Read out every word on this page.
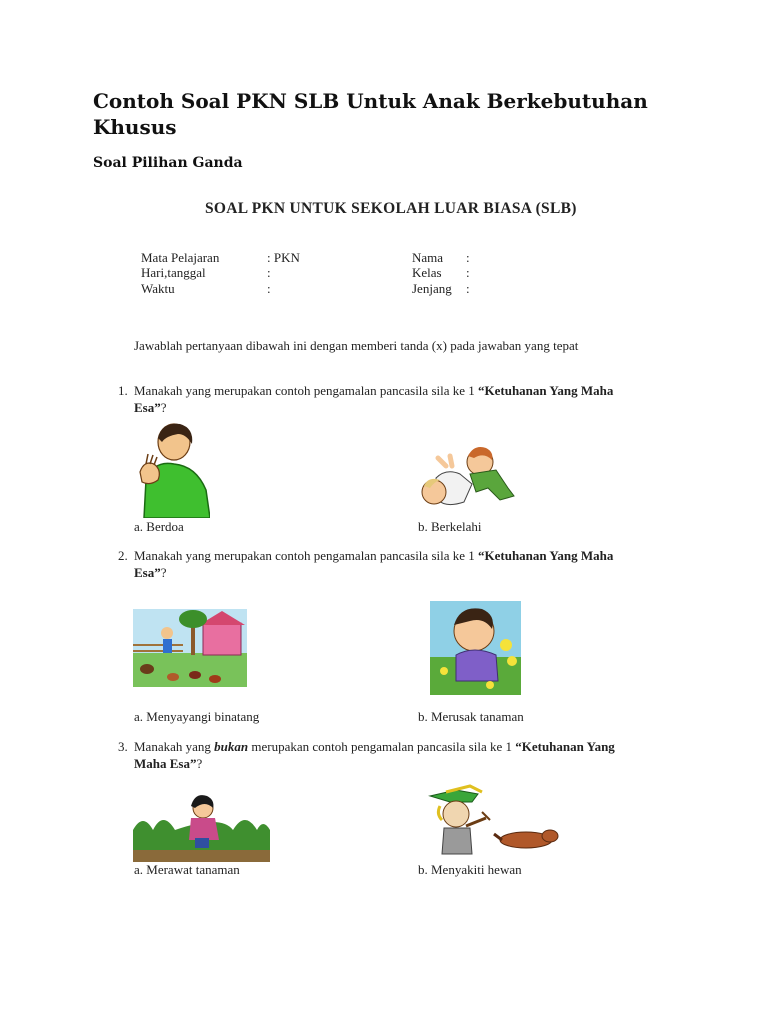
Contoh Soal PKN SLB Untuk Anak Berkebutuhan Khusus
Soal Pilihan Ganda
SOAL PKN UNTUK SEKOLAH LUAR BIASA (SLB)
Mata Pelajaran	: PKN
Hari,tanggal	:
Waktu	:
Nama :
Kelas :
Jenjang :
Jawablah pertanyaan dibawah ini dengan memberi tanda (x) pada jawaban yang tepat
1. Manakah yang merupakan contoh pengamalan pancasila sila ke 1 “Ketuhanan Yang Maha Esa”?
a. Berdoa	b. Berkelahi
2. Manakah yang merupakan contoh pengamalan pancasila sila ke 1 “Ketuhanan Yang Maha Esa”?
a. Menyayangi binatang	b. Merusak tanaman
3. Manakah yang bukan merupakan contoh pengamalan pancasila sila ke 1 “Ketuhanan Yang Maha Esa”?
a. Merawat tanaman	b. Menyakiti hewan
